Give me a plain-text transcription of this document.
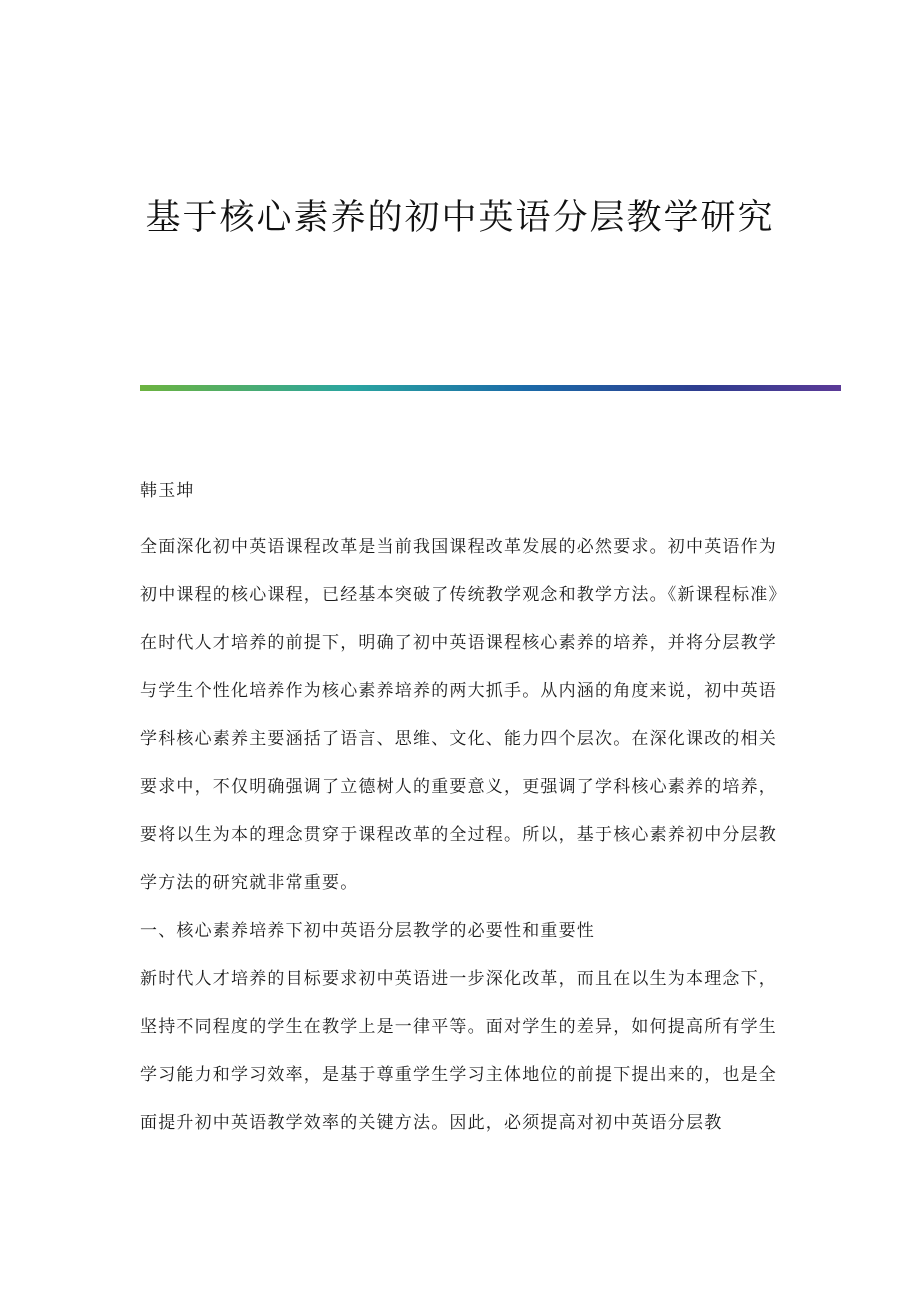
基于核心素养的初中英语分层教学研究

韩玉坤

全面深化初中英语课程改革是当前我国课程改革发展的必然要求。初中英语作为初中课程的核心课程，已经基本突破了传统教学观念和教学方法。《新课程标准》在时代人才培养的前提下，明确了初中英语课程核心素养的培养，并将分层教学与学生个性化培养作为核心素养培养的两大抓手。从内涵的角度来说，初中英语学科核心素养主要涵括了语言、思维、文化、能力四个层次。在深化课改的相关要求中，不仅明确强调了立德树人的重要意义，更强调了学科核心素养的培养，要将以生为本的理念贯穿于课程改革的全过程。所以，基于核心素养初中分层教学方法的研究就非常重要。

一、核心素养培养下初中英语分层教学的必要性和重要性

新时代人才培养的目标要求初中英语进一步深化改革，而且在以生为本理念下，坚持不同程度的学生在教学上是一律平等。面对学生的差异，如何提高所有学生学习能力和学习效率，是基于尊重学生学习主体地位的前提下提出来的，也是全面提升初中英语教学效率的关键方法。因此，必须提高对初中英语分层教
